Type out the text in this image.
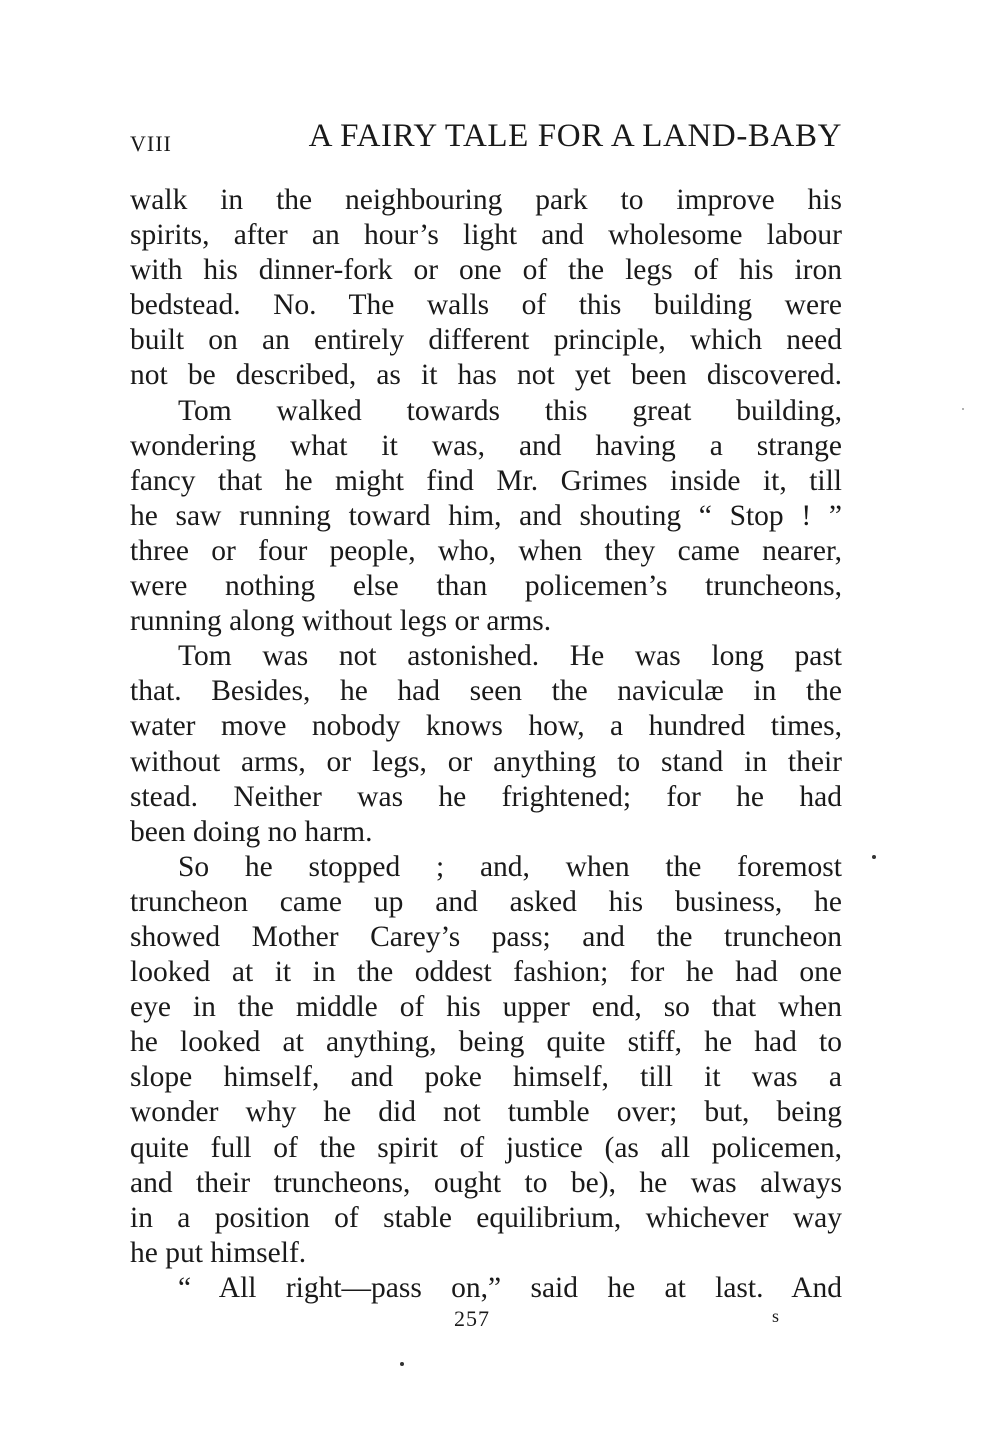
VIII	A FAIRY TALE FOR A LAND-BABY
walk in the neighbouring park to improve his
spirits, after an hour’s light and wholesome labour
with his dinner-fork or one of the legs of his iron
bedstead. No. The walls of this building were
built on an entirely different principle, which need
not be described, as it has not yet been discovered.
Tom walked towards this great building,
wondering what it was, and having a strange
fancy that he might find Mr. Grimes inside it, till
he saw running toward him, and shouting “ Stop ! ”
three or four people, who, when they came nearer,
were nothing else than policemen’s truncheons,
running along without legs or arms.
Tom was not astonished. He was long past
that. Besides, he had seen the naviculæ in the
water move nobody knows how, a hundred times,
without arms, or legs, or anything to stand in their
stead. Neither was he frightened; for he had
been doing no harm.
So he stopped ; and, when the foremost
truncheon came up and asked his business, he
showed Mother Carey’s pass; and the truncheon
looked at it in the oddest fashion; for he had one
eye in the middle of his upper end, so that when
he looked at anything, being quite stiff, he had to
slope himself, and poke himself, till it was a
wonder why he did not tumble over; but, being
quite full of the spirit of justice (as all policemen,
and their truncheons, ought to be), he was always
in a position of stable equilibrium, whichever way
he put himself.
“ All right—pass on,” said he at last. And
257	s
